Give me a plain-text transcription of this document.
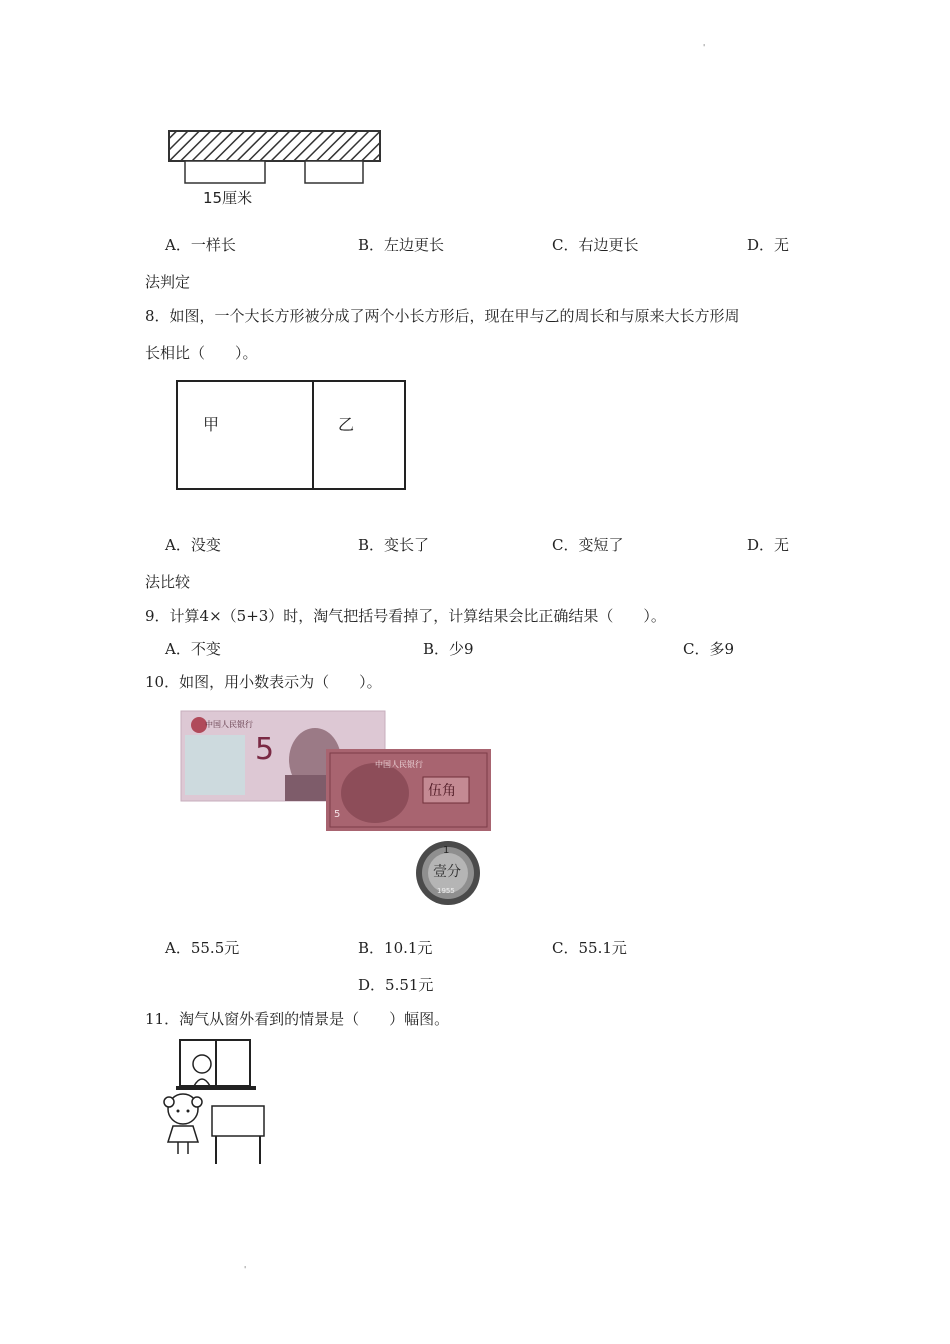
'
'
15厘米
A．一样长	B．左边更长	C．右边更长	D．无
法判定
8．如图，一个大长方形被分成了两个小长方形后，现在甲与乙的周长和与原来大长方形周
长相比（　　）。
甲	乙
A．没变	B．变长了	C．变短了	D．无
法比较
9．计算4×（5+3）时，淘气把括号看掉了，计算结果会比正确结果（　　）。
A．不变	B．少9	C．多9
10．如图，用小数表示为（　　）。
中国人民银行
5	中国人民银行
伍角
5
1
壹分
1955
A．55.5元	B．10.1元	C．55.1元
D．5.51元
11．淘气从窗外看到的情景是（　　）幅图。
